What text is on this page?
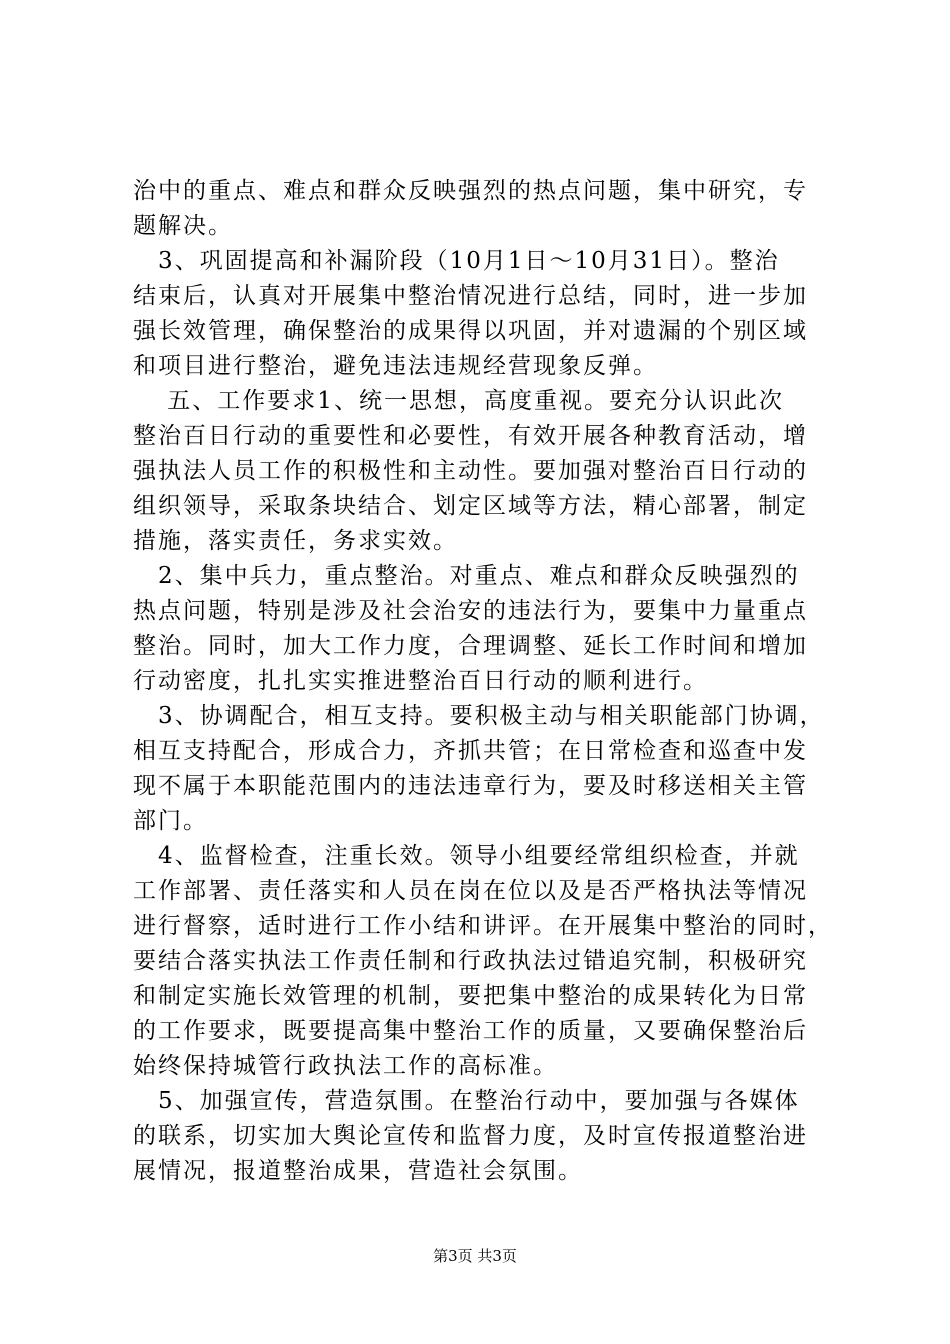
治中的重点、难点和群众反映强烈的热点问题，集中研究，专

题解决。

　3、巩固提高和补漏阶段（10月1日～10月31日）。整治

结束后，认真对开展集中整治情况进行总结，同时，进一步加

强长效管理，确保整治的成果得以巩固，并对遗漏的个别区域

和项目进行整治，避免违法违规经营现象反弹。

　 五、工作要求1、统一思想，高度重视。要充分认识此次

整治百日行动的重要性和必要性，有效开展各种教育活动，增

强执法人员工作的积极性和主动性。要加强对整治百日行动的

组织领导，采取条块结合、划定区域等方法，精心部署，制定

措施，落实责任，务求实效。

　2、集中兵力，重点整治。对重点、难点和群众反映强烈的

热点问题，特别是涉及社会治安的违法行为，要集中力量重点

整治。同时，加大工作力度，合理调整、延长工作时间和增加

行动密度，扎扎实实推进整治百日行动的顺利进行。

　3、协调配合，相互支持。要积极主动与相关职能部门协调，

相互支持配合，形成合力，齐抓共管；在日常检查和巡查中发

现不属于本职能范围内的违法违章行为，要及时移送相关主管

部门。

　4、监督检查，注重长效。领导小组要经常组织检查，并就

工作部署、责任落实和人员在岗在位以及是否严格执法等情况

进行督察，适时进行工作小结和讲评。在开展集中整治的同时，

要结合落实执法工作责任制和行政执法过错追究制，积极研究

和制定实施长效管理的机制，要把集中整治的成果转化为日常

的工作要求，既要提高集中整治工作的质量，又要确保整治后

始终保持城管行政执法工作的高标准。

　5、加强宣传，营造氛围。在整治行动中，要加强与各媒体

的联系，切实加大舆论宣传和监督力度，及时宣传报道整治进

展情况，报道整治成果，营造社会氛围。

第3页 共3页
